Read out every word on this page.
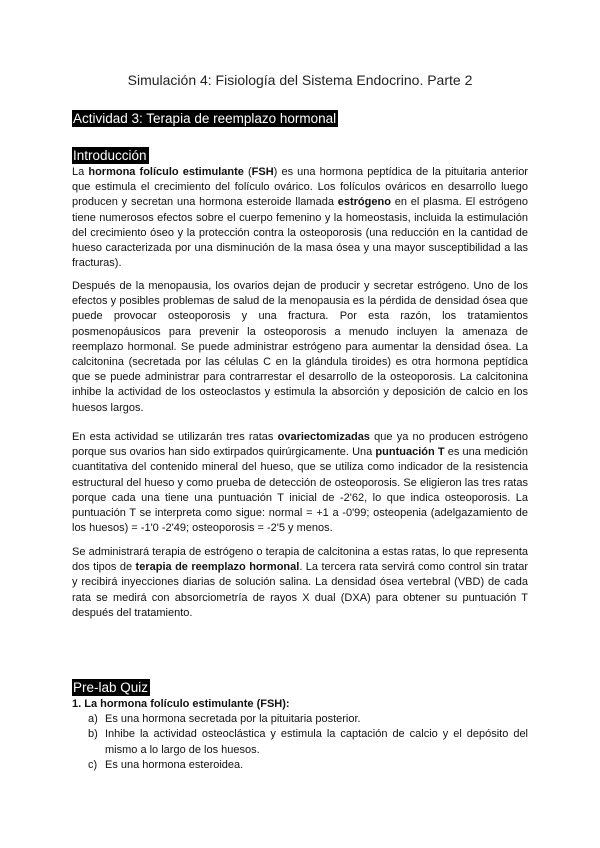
Simulación 4: Fisiología del Sistema Endocrino. Parte 2
Actividad 3: Terapia de reemplazo hormonal
Introducción
La hormona folículo estimulante (FSH) es una hormona peptídica de la pituitaria anterior que estimula el crecimiento del folículo ovárico. Los folículos ováricos en desarrollo luego producen y secretan una hormona esteroide llamada estrógeno en el plasma. El estrógeno tiene numerosos efectos sobre el cuerpo femenino y la homeostasis, incluida la estimulación del crecimiento óseo y la protección contra la osteoporosis (una reducción en la cantidad de hueso caracterizada por una disminución de la masa ósea y una mayor susceptibilidad a las fracturas).
Después de la menopausia, los ovarios dejan de producir y secretar estrógeno. Uno de los efectos y posibles problemas de salud de la menopausia es la pérdida de densidad ósea que puede provocar osteoporosis y una fractura. Por esta razón, los tratamientos posmenopáusicos para prevenir la osteoporosis a menudo incluyen la amenaza de reemplazo hormonal. Se puede administrar estrógeno para aumentar la densidad ósea. La calcitonina (secretada por las células C en la glándula tiroides) es otra hormona peptídica que se puede administrar para contrarrestar el desarrollo de la osteoporosis. La calcitonina inhibe la actividad de los osteoclastos y estimula la absorción y deposición de calcio en los huesos largos.
En esta actividad se utilizarán tres ratas ovariectomizadas que ya no producen estrógeno porque sus ovarios han sido extirpados quirúrgicamente. Una puntuación T es una medición cuantitativa del contenido mineral del hueso, que se utiliza como indicador de la resistencia estructural del hueso y como prueba de detección de osteoporosis. Se eligieron las tres ratas porque cada una tiene una puntuación T inicial de -2'62, lo que indica osteoporosis. La puntuación T se interpreta como sigue: normal = +1 a -0'99; osteopenia (adelgazamiento de los huesos) = -1'0 -2'49; osteoporosis = -2'5 y menos.
Se administrará terapia de estrógeno o terapia de calcitonina a estas ratas, lo que representa dos tipos de terapia de reemplazo hormonal. La tercera rata servirá como control sin tratar y recibirá inyecciones diarias de solución salina. La densidad ósea vertebral (VBD) de cada rata se medirá con absorciometría de rayos X dual (DXA) para obtener su puntuación T después del tratamiento.
Pre-lab Quiz
1. La hormona folículo estimulante (FSH):
a) Es una hormona secretada por la pituitaria posterior.
b) Inhibe la actividad osteoclástica y estimula la captación de calcio y el depósito del mismo a lo largo de los huesos.
c) Es una hormona esteroidea.
